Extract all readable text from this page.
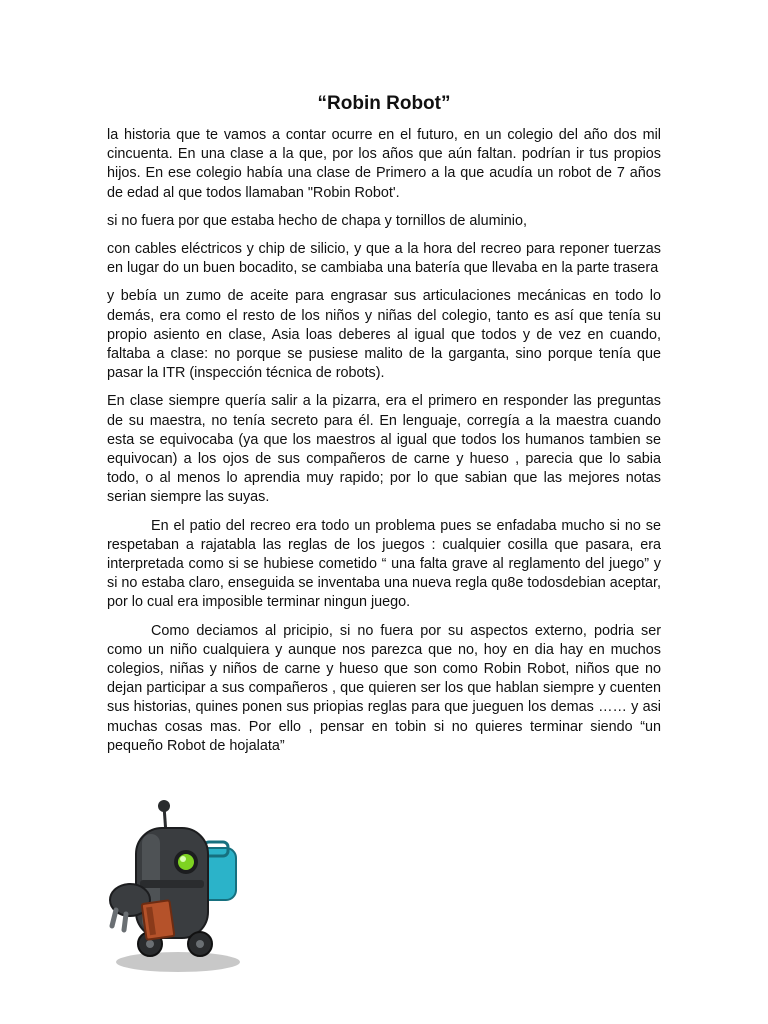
“Robin Robot”

la historia que te vamos a contar ocurre en el futuro, en un colegio del año dos mil cincuenta. En una clase a la que, por los años que aún faltan. podrían ir tus propios hijos. En ese colegio había una clase de Primero a la que acudía un robot de 7 años de edad al que todos llamaban "Robin Robot'.

si no fuera por que estaba hecho de chapa y tornillos de aluminio,

con cables eléctricos y chip de silicio, y que a la hora del recreo para reponer tuerzas en lugar do un buen bocadito, se cambiaba una batería que llevaba en la parte trasera

y bebía un zumo de aceite para engrasar sus articulaciones mecánicas en todo lo demás, era como el resto de los niños y niñas del colegio, tanto es así que tenía su propio asiento en clase, Asia loas deberes al igual que todos y de vez en cuando, faltaba a clase: no porque se pusiese malito de la garganta, sino porque tenía que pasar la ITR (inspección técnica de robots).

En clase siempre quería salir a la pizarra, era el primero en responder las preguntas de su maestra, no tenía secreto para él. En lenguaje, corregía a la maestra cuando esta se equivocaba (ya que los maestros al igual que todos los humanos tambien se equivocan) a los ojos de sus compañeros de carne y hueso , parecia que lo sabia todo, o al menos lo aprendia muy rapido; por lo que sabian que las mejores notas serian siempre las suyas.

En el patio del recreo era todo un problema pues se enfadaba mucho si no se respetaban a rajatabla las reglas de los juegos : cualquier cosilla que pasara, era interpretada como si se hubiese cometido “ una falta grave al reglamento del juego” y si no estaba claro, enseguida se inventaba una nueva regla qu8e todosdebian aceptar, por lo cual era imposible terminar ningun juego.

Como deciamos al pricipio, si no fuera por su aspectos externo, podria ser como un niño cualquiera y aunque nos parezca que no, hoy en dia hay en muchos colegios, niñas y niños de carne y hueso que son como Robin Robot, niños que no dejan participar a sus compañeros , que quieren ser los que hablan siempre y cuenten sus historias, quines ponen sus priopias reglas para que jueguen los demas …… y asi muchas cosas mas. Por ello , pensar en tobin si no quieres terminar siendo “un pequeño Robot de hojalata”
